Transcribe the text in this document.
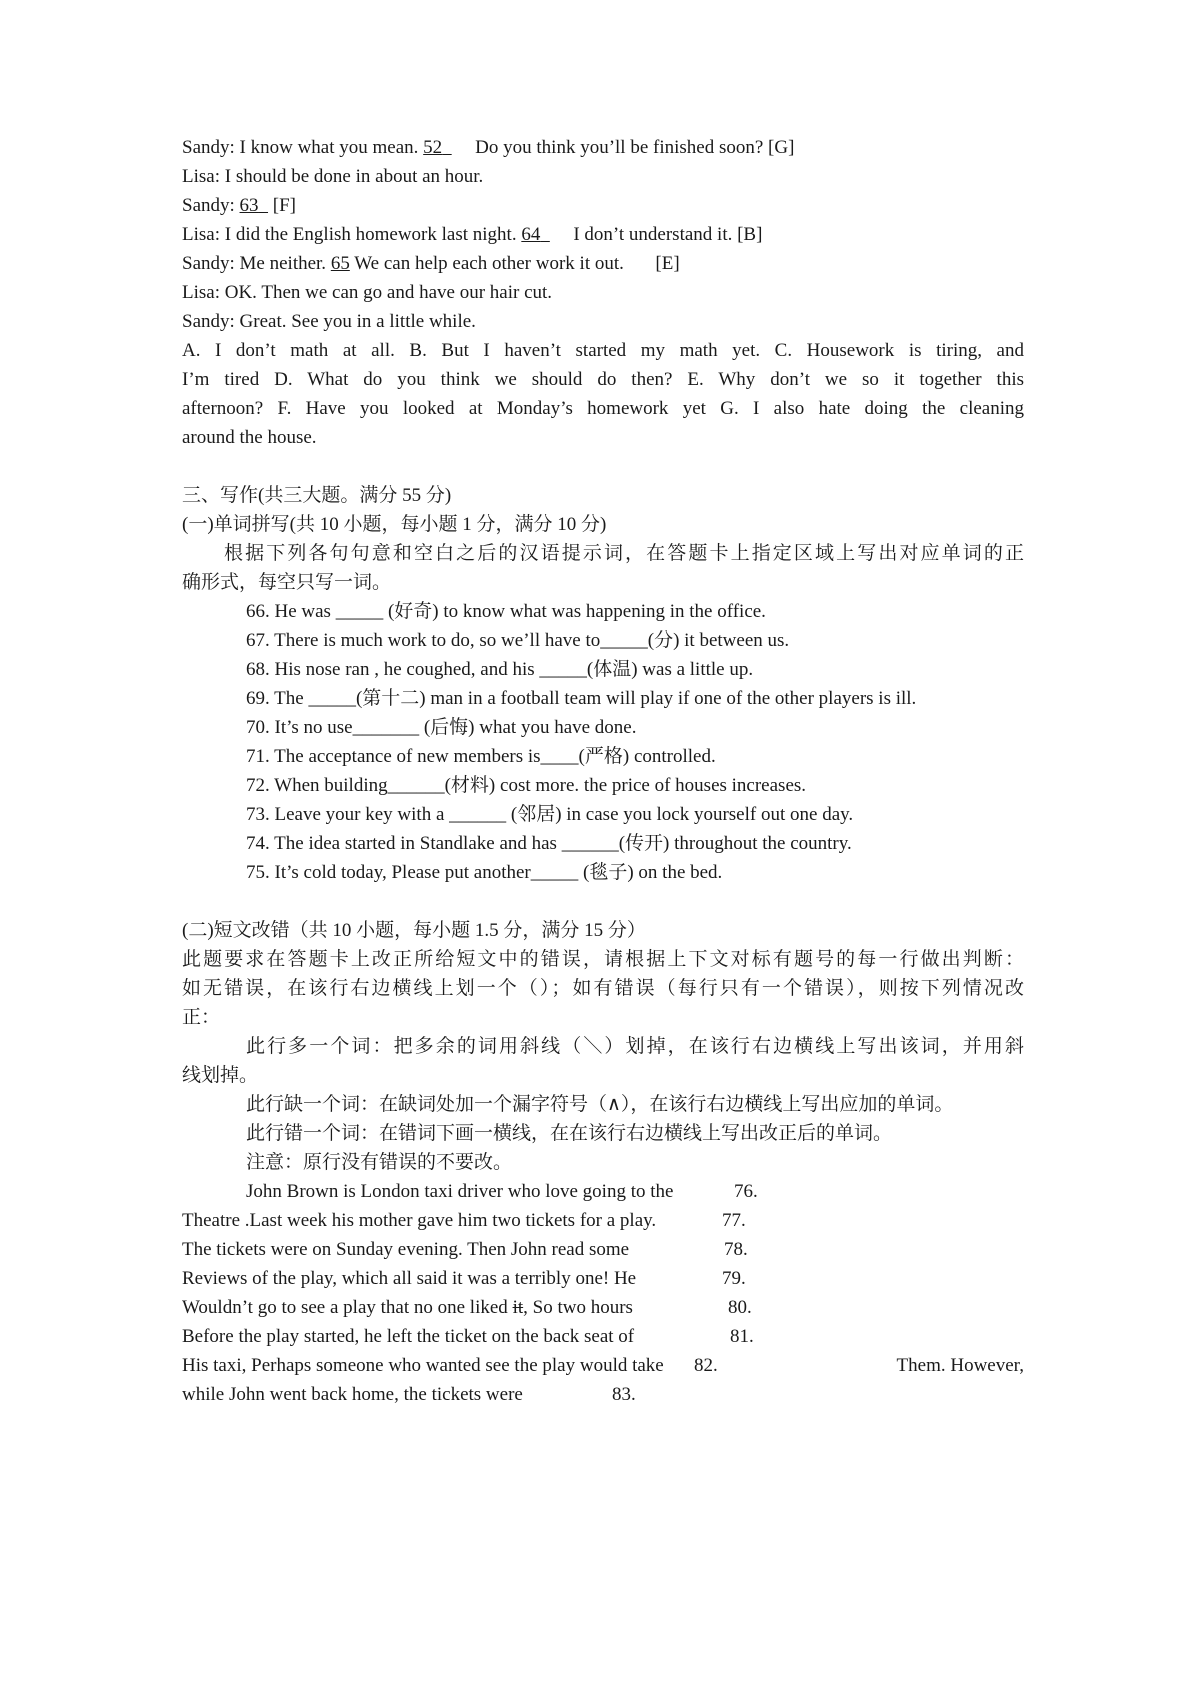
Sandy: I know what you mean. 52 Do you think you’ll be finished soon? [G]
Lisa: I should be done in about an hour.
Sandy: 63 [F]
Lisa: I did the English homework last night. 64 I don’t understand it. [B]
Sandy: Me neither. 65 We can help each other work it out. [E]
Lisa: OK. Then we can go and have our hair cut.
Sandy: Great. See you in a little while.
A. I don’t math at all. B. But I haven’t started my math yet. C. Housework is tiring, and
I’m tired D. What do you think we should do then? E. Why don’t we so it together this
afternoon? F. Have you looked at Monday’s homework yet G. I also hate doing the cleaning
around the house.
三、写作(共三大题。满分 55 分)
(一)单词拼写(共 10 小题，每小题 1 分，满分 10 分)
根据下列各句句意和空白之后的汉语提示词，在答题卡上指定区域上写出对应单词的正
确形式，每空只写一词。
66. He was _____ (好奇) to know what was happening in the office.
67. There is much work to do, so we’ll have to_____(分) it between us.
68. His nose ran , he coughed, and his _____(体温) was a little up.
69. The _____(第十二) man in a football team will play if one of the other players is ill.
70. It’s no use_______ (后悔) what you have done.
71. The acceptance of new members is____(严格) controlled.
72. When building______(材料) cost more. the price of houses increases.
73. Leave your key with a ______ (邻居) in case you lock yourself out one day.
74. The idea started in Standlake and has ______(传开) throughout the country.
75. It’s cold today, Please put another_____ (毯子) on the bed.
(二)短文改错（共 10 小题，每小题 1.5 分，满分 15 分）
此题要求在答题卡上改正所给短文中的错误，请根据上下文对标有题号的每一行做出判断：
如无错误，在该行右边横线上划一个（）；如有错误（每行只有一个错误），则按下列情况改
正：
此行多一个词：把多余的词用斜线（＼）划掉，在该行右边横线上写出该词，并用斜
线划掉。
此行缺一个词：在缺词处加一个漏字符号（∧），在该行右边横线上写出应加的单词。
此行错一个词：在错词下画一横线，在在该行右边横线上写出改正后的单词。
注意：原行没有错误的不要改。
John Brown is London taxi driver who love going to the	76.
Theatre .Last week his mother gave him two tickets for a play.	77.
The tickets were on Sunday evening. Then John read some	78.
Reviews of the play, which all said it was a terribly one! He	79.
Wouldn’t go to see a play that no one liked it, So two hours	80.
Before the play started, he left the ticket on the back seat of	81.
His taxi, Perhaps someone who wanted see the play would take 82.	Them. However,
while John went back home, the tickets were	83.
